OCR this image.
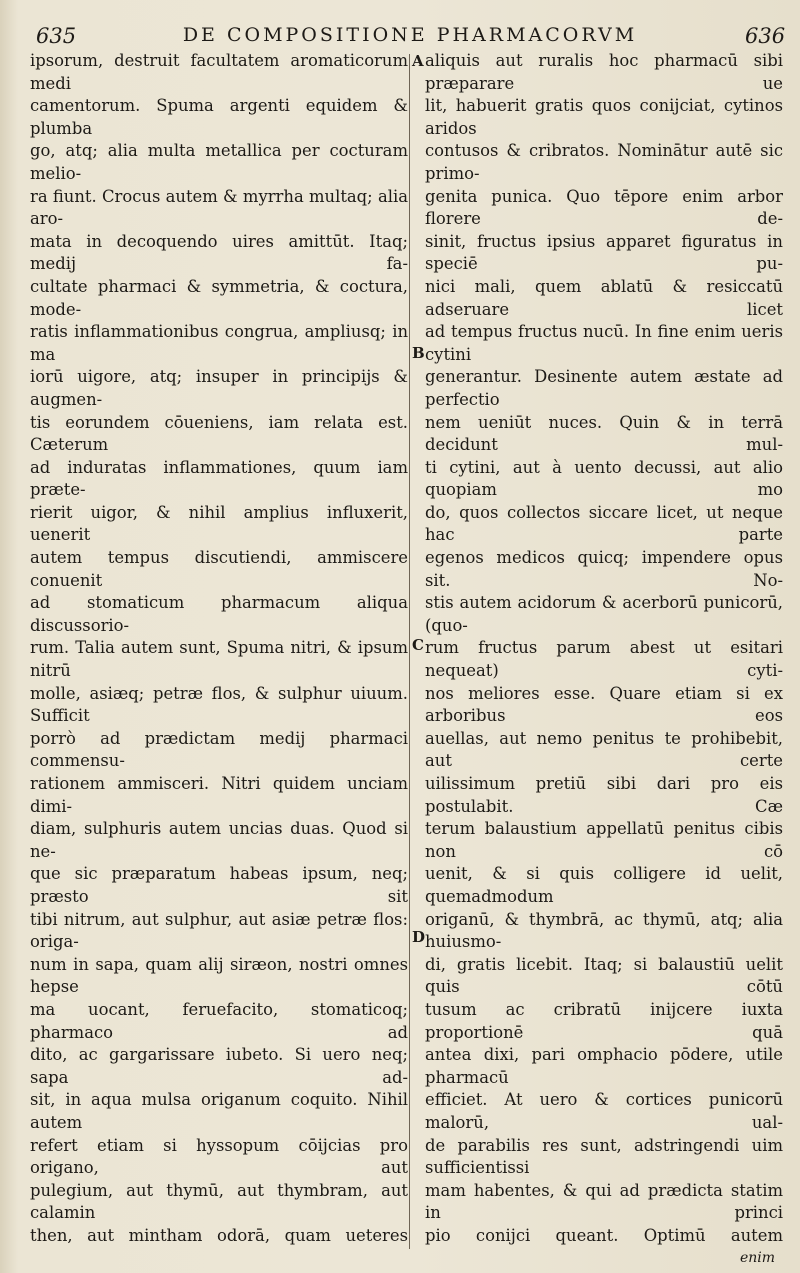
635	DE COMPOSITIONE PHARMACORVM	636
A
B
C
D

ipsorum, destruit facultatem aromaticorum medi

camentorum. Spuma argenti equidem & plumba

go, atq; alia multa metallica per cocturam melio-

ra fiunt. Crocus autem & myrrha multaq; alia aro-

mata in decoquendo uires amittūt. Itaq; medij fa-

cultate pharmaci & symmetria, & coctura, mode-

ratis inflammationibus congrua, ampliusq; in ma

iorū uigore, atq; insuper in principijs & augmen-

tis eorundem cōueniens, iam relata est. Cæterum

ad induratas inflammationes, quum iam præte-

rierit uigor, & nihil amplius influxerit, uenerit

autem tempus discutiendi, ammiscere conuenit

ad stomaticum pharmacum aliqua discussorio-

rum. Talia autem sunt, Spuma nitri, & ipsum nitrū

molle, asiæq; petræ flos, & sulphur uiuum. Sufficit

porrò ad prædictam medij pharmaci commensu-

rationem ammisceri. Nitri quidem unciam dimi-

diam, sulphuris autem uncias duas. Quod si ne-

que sic præparatum habeas ipsum, neq; præsto sit

tibi nitrum, aut sulphur, aut asiæ petræ flos: origa-

num in sapa, quam alij siræon, nostri omnes hepse

ma uocant, feruefacito, stomaticoq; pharmaco ad

dito, ac gargarissare iubeto. Si uero neq; sapa ad-

sit, in aqua mulsa origanum coquito. Nihil autem

refert etiam si hyssopum cōijcias pro origano, aut

pulegium, aut thymū, aut thymbram, aut calamin

then, aut mintham odorā, quam ueteres

aliquis aut ruralis hoc pharmacū sibi præparare ue

lit, habuerit gratis quos conijciat, cytinos aridos

contusos & cribratos. Nominātur autē sic primo-

genita punica. Quo tēpore enim arbor florere de-

sinit, fructus ipsius apparet figuratus in speciē pu-

nici mali, quem ablatū & resiccatū adseruare licet

ad tempus fructus nucū. In fine enim ueris cytini

generantur. Desinente autem æstate ad perfectio

nem ueniūt nuces. Quin & in terrā decidunt mul-

ti cytini, aut à uento decussi, aut alio quopiam mo

do, quos collectos siccare licet, ut neque hac parte

egenos medicos quicq; impendere opus sit. No-

stis autem acidorum & acerborū punicorū, (quo-

rum fructus parum abest ut esitari nequeat) cyti-

nos meliores esse. Quare etiam si ex arboribus eos

auellas, aut nemo penitus te prohibebit, aut certe

uilissimum pretiū sibi dari pro eis postulabit. Cæ

terum balaustium appellatū penitus cibis non cō

uenit, & si quis colligere id uelit, quemadmodum

origanū, & thymbrā, ac thymū, atq; alia huiusmo-

di, gratis licebit. Itaq; si balaustiū uelit quis cōtū

tusum ac cribratū inijcere iuxta proportionē quā

antea dixi, pari omphacio pōdere, utile pharmacū

efficiet. At uero & cortices punicorū malorū, ual-

de parabilis res sunt, adstringendi uim sufficientissi

mam habentes, & qui ad prædicta statim in princi

pio conijci queant. Optimū autem

enim
